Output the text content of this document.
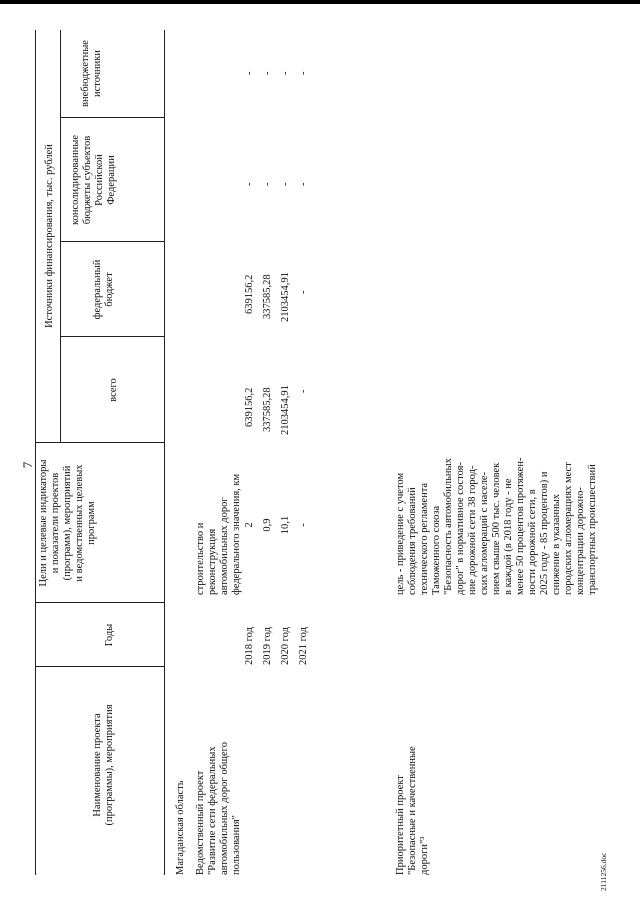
7
Наименование проекта (программы), мероприятия
Годы
Цели и целевые индикаторы и показатели проектов (программ), мероприятий и ведомственных целевых программ
Источники финансирования, тыс. рублей
всего
федеральный бюджет
консолидированные бюджеты субъектов Российской Федерации
внебюджетные источники
Магаданская область Ведомственный проект "Развитие сети федеральных автомобильных дорог общего пользования"
строительство и реконструкция автомобильных дорог федерального значения, км
2018 год
2
639156,2
639156,2
-
-
2019 год
0,9
337585,28
337585,28
-
-
2020 год
10,1
2103454,91
2103454,91
-
-
2021 год
-
-
-
-
-
Приоритетный проект "Безопасные и качественные дороги"³
цель - приведение с учетом соблюдения требований технического регламента Таможенного союза "Безопасность автомобильных дорог" в нормативное состоя- ние дорожной сети 38 город- ских агломераций с населе- нием свыше 500 тыс. человек в каждой (в 2018 году - не менее 50 процентов протяжен- ности дорожной сети, в 2025 году - 85 процентов) и снижение в указанных городских агломерациях мест концентрации дорожно- транспортных происшествий
2111256.doc
